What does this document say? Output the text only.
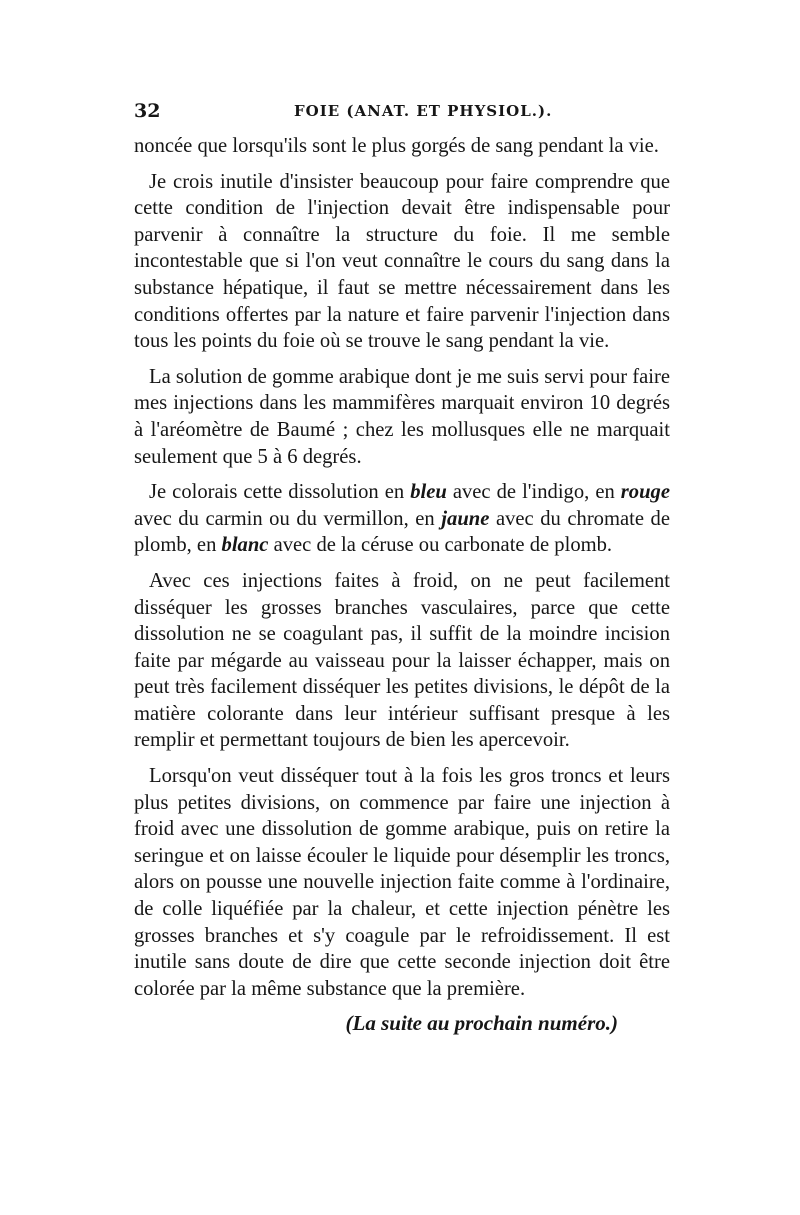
32	FOIE (ANAT. ET PHYSIOL.).

noncée que lorsqu'ils sont le plus gorgés de sang pendant la vie.

Je crois inutile d'insister beaucoup pour faire comprendre que cette condition de l'injection devait être indispensable pour parvenir à connaître la structure du foie. Il me semble incontestable que si l'on veut connaître le cours du sang dans la substance hépatique, il faut se mettre nécessairement dans les conditions offertes par la nature et faire parvenir l'injection dans tous les points du foie où se trouve le sang pendant la vie.

La solution de gomme arabique dont je me suis servi pour faire mes injections dans les mammifères marquait environ 10 degrés à l'aréomètre de Baumé ; chez les mollusques elle ne marquait seulement que 5 à 6 degrés.

Je colorais cette dissolution en bleu avec de l'indigo, en rouge avec du carmin ou du vermillon, en jaune avec du chromate de plomb, en blanc avec de la céruse ou carbonate de plomb.

Avec ces injections faites à froid, on ne peut facilement disséquer les grosses branches vasculaires, parce que cette dissolution ne se coagulant pas, il suffit de la moindre incision faite par mégarde au vaisseau pour la laisser échapper, mais on peut très facilement disséquer les petites divisions, le dépôt de la matière colorante dans leur intérieur suffisant presque à les remplir et permettant toujours de bien les apercevoir.

Lorsqu'on veut disséquer tout à la fois les gros troncs et leurs plus petites divisions, on commence par faire une injection à froid avec une dissolution de gomme arabique, puis on retire la seringue et on laisse écouler le liquide pour désemplir les troncs, alors on pousse une nouvelle injection faite comme à l'ordinaire, de colle liquéfiée par la chaleur, et cette injection pénètre les grosses branches et s'y coagule par le refroidissement. Il est inutile sans doute de dire que cette seconde injection doit être colorée par la même substance que la première.

(La suite au prochain numéro.)
